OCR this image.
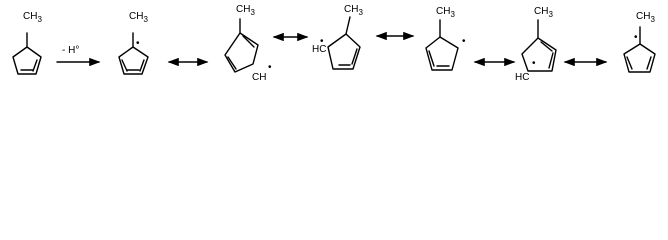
$CH_3$
- H°
$CH_3$
•
$CH_3$
CH
•
$CH_3$
HC
•
$CH_3$
•
$CH_3$
HC
•
$CH_3$
•
